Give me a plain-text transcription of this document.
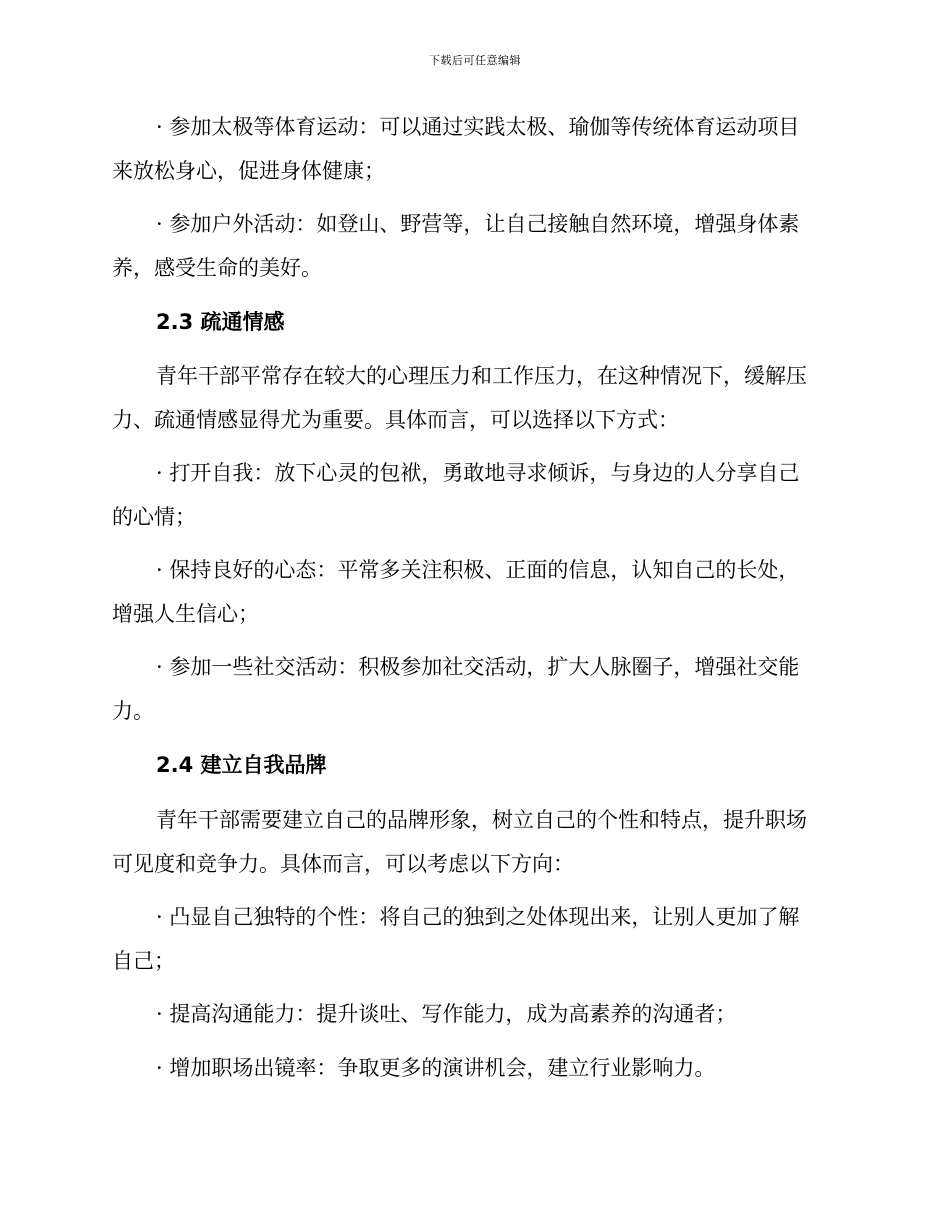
下载后可任意编辑
· 参加太极等体育运动：可以通过实践太极、瑜伽等传统体育运动项目
来放松身心，促进身体健康；
· 参加户外活动：如登山、野营等，让自己接触自然环境，增强身体素
养，感受生命的美好。
2.3 疏通情感
青年干部平常存在较大的心理压力和工作压力，在这种情况下，缓解压
力、疏通情感显得尤为重要。具体而言，可以选择以下方式：
· 打开自我：放下心灵的包袱，勇敢地寻求倾诉，与身边的人分享自己
的心情；
· 保持良好的心态：平常多关注积极、正面的信息，认知自己的长处，
增强人生信心；
· 参加一些社交活动：积极参加社交活动，扩大人脉圈子，增强社交能
力。
2.4 建立自我品牌
青年干部需要建立自己的品牌形象，树立自己的个性和特点，提升职场
可见度和竞争力。具体而言，可以考虑以下方向：
· 凸显自己独特的个性：将自己的独到之处体现出来，让别人更加了解
自己；
· 提高沟通能力：提升谈吐、写作能力，成为高素养的沟通者；
· 增加职场出镜率：争取更多的演讲机会，建立行业影响力。
